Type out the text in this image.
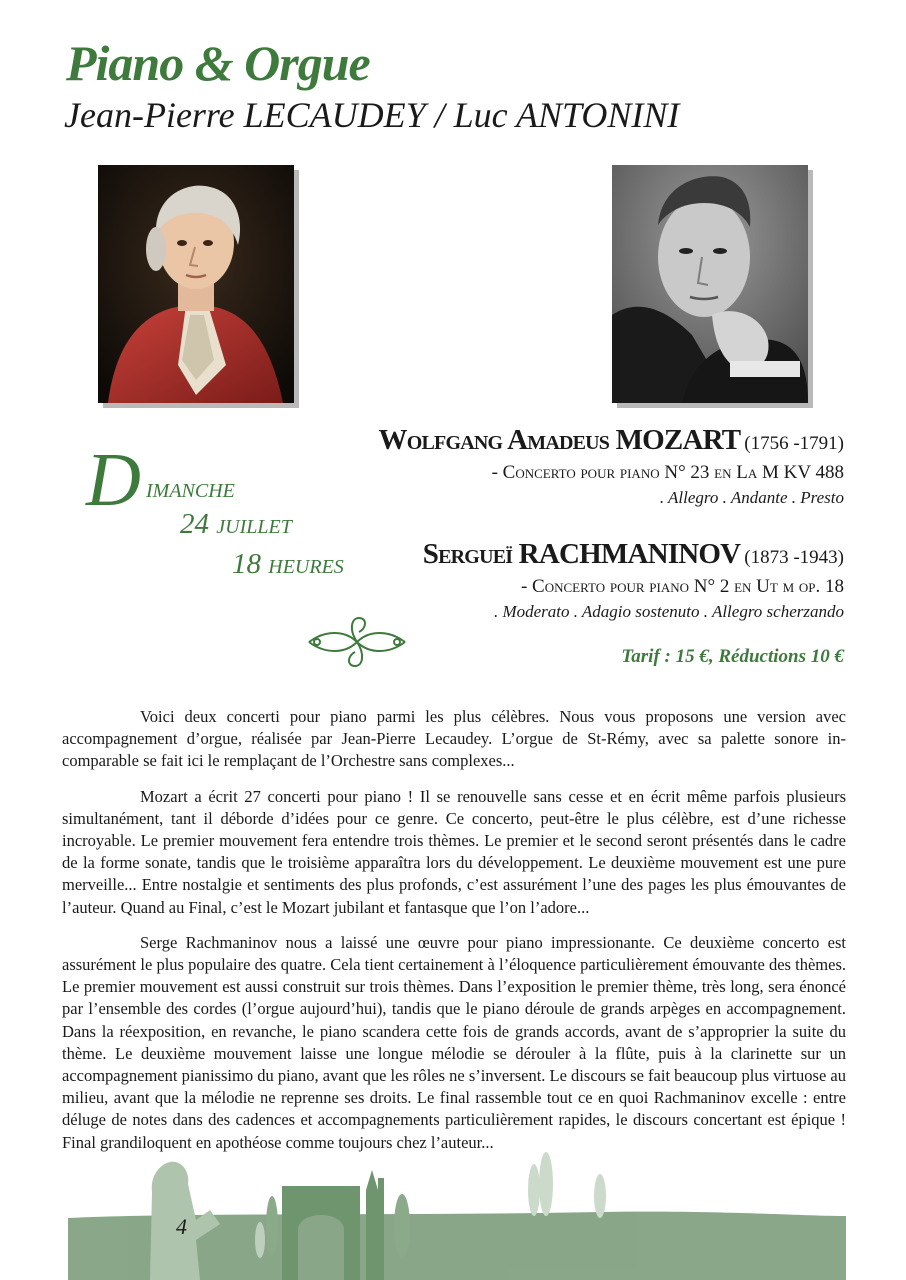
Piano & Orgue
Jean-Pierre LECAUDEY / Luc ANTONINI
D imanche
24 juillet
18 heures
Wolfgang Amadeus MOZART (1756 -1791)
- Concerto pour piano N° 23 en La M KV 488
. Allegro . Andante . Presto
Sergueï RACHMANINOV (1873 -1943)
- Concerto pour piano N° 2 en Ut m op. 18
. Moderato . Adagio sostenuto . Allegro scherzando
Tarif : 15 €, Réductions 10 €

Voici deux concerti pour piano parmi les plus célèbres. Nous vous proposons une version avec accompagnement d’orgue, réalisée par Jean-Pierre Lecaudey. L’orgue de St-Rémy, avec sa palette sonore incomparable se fait ici le remplaçant de l’Orchestre sans complexes...

Mozart a écrit 27 concerti pour piano ! Il se renouvelle sans cesse et en écrit même parfois plusieurs simultanément, tant il déborde d’idées pour ce genre. Ce concerto, peut-être le plus célèbre, est d’une richesse incroyable. Le premier mouvement fera entendre trois thèmes. Le premier et le second seront présentés dans le cadre de la forme sonate, tandis que le troisième apparaîtra lors du développement. Le deuxième mouvement est une pure merveille... Entre nostalgie et sentiments des plus profonds, c’est assurément l’une des pages les plus émouvantes de l’auteur. Quand au Final, c’est le Mozart jubilant et fantasque que l’on l’adore...

Serge Rachmaninov nous a laissé une œuvre pour piano impressionante. Ce deuxième concerto est assurément le plus populaire des quatre. Cela tient certainement à l’éloquence particulièrement émouvante des thèmes. Le premier mouvement est aussi construit sur trois thèmes. Dans l’exposition le premier thème, très long, sera énoncé par l’ensemble des cordes (l’orgue aujourd’hui), tandis que le piano déroule de grands arpèges en accompagnement. Dans la réexposition, en revanche, le piano scandera cette fois de grands accords, avant de s’approprier la suite du thème. Le deuxième mouvement laisse une longue mélodie se dérouler à la flûte, puis à la clarinette sur un accompagnement pianissimo du piano, avant que les rôles ne s’inversent. Le discours se fait beaucoup plus virtuose au milieu, avant que la mélodie ne reprenne ses droits. Le final rassemble tout ce en quoi Rachmaninov excelle : entre déluge de notes dans des cadences et accompagnements particulièrement rapides, le discours concertant est épique ! Final grandiloquent en apothéose comme toujours chez l’auteur...

4
